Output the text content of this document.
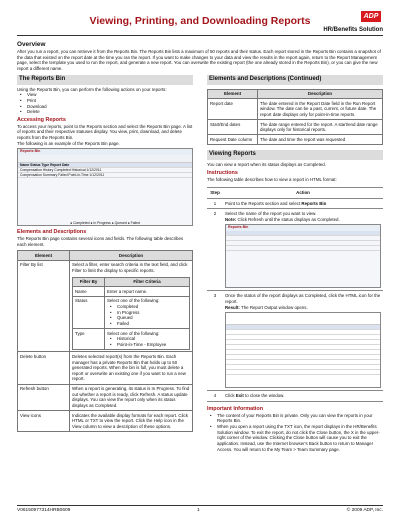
Viewing, Printing, and Downloading Reports	ADP
HR/Benefits Solution
Overview
After you run a report, you can retrieve it from the Reports Bin. The Reports Bin lists a maximum of 50 reports and their status. Each report stored in the Reports Bin contains a snapshot of the data that existed on the report date at the time you ran the report. If you want to make changes to your data and view the results in the report again, return to the Report Management page, select the template you used to run the report, and generate a new report. You can overwrite the existing report (the one already stored in the Reports Bin), or you can give the new report a different name.
The Reports Bin
Using the Reports Bin, you can perform the following actions on your reports:
• View
• Print
• Download
• Delete
Accessing Reports
To access your reports, point to the Reports section and select the Reports Bin page. A list of reports and their respective statuses display. You view, print, download, and delete reports from the Reports Bin.
The following is an example of the Reports Bin page.
Reports Bin
Name Status Type Report Date
Compensation History Completed Historical 1/12/2011
Compensation Summary Failed Point-in-Time 1/12/2011
● Completed ● In Progress ● Queued ● Failed
Elements and Descriptions
The Reports Bin page contains several icons and fields. The following table describes each element.
Element	Description
Filter By list	Select a filter, enter search criteria in the text field, and click Filter to limit the display to specific reports.
Filter By	Filter Criteria
Name	Enter a report name.
Status	Select one of the following:
• Completed
• In Progress
• Queued
• Failed

Type	Select one of the following:
• Historical
• Point-in-Time - Employee

Delete button	Deletes selected report(s) from the Reports Bin. Each manager has a private Reports Bin that holds up to 50 generated reports. When the bin is full, you must delete a report or overwrite an existing one if you want to run a new report.
Refresh button	When a report is generating, its status is In Progress. To find out whether a report is ready, click Refresh. A status update displays. You can view the report only when its status displays as Completed.
View icons	Indicates the available display formats for each report. Click HTML or TXT to view the report. Click the Help icon in the View column to view a description of these options.
Elements and Descriptions (Continued)
Element	Description
Report date	The date entered in the Report Date field in the Run Report window. The date can be a past, current, or future date. The report date displays only for point-in-time reports.
Start/End dates	The date range entered for the report. A start/end date range displays only for historical reports.
Request Date column	The date and time the report was requested
Viewing Reports
You can view a report when its status displays as Completed.
Instructions
The following table describes how to view a report in HTML format:
Step	Action
1	Point to the Reports section and select Reports Bin
2	Select the name of the report you want to view.
Note: Click Refresh until the status displays as Completed.
Reports Bin
3	Once the status of the report displays as Completed, click the HTML icon for the report.
Result: The Report Output window opens.
4	Click Exit to close the window.
Important Information
• The content of your Reports Bin is private. Only you can view the reports in your Reports Bin.
• When you open a report using the TXT icon, the report displays in the HR/Benefits Solution window. To exit the report, do not click the Close button, the X in the upper-right corner of the window. Clicking the Close button will cause you to exit the application. Instead, use the Internet browser's Back button to return to Manager Access. You will return to the My Team > Team Summary page.
V06150977314HRB0609	1	© 2009 ADP, Inc.
